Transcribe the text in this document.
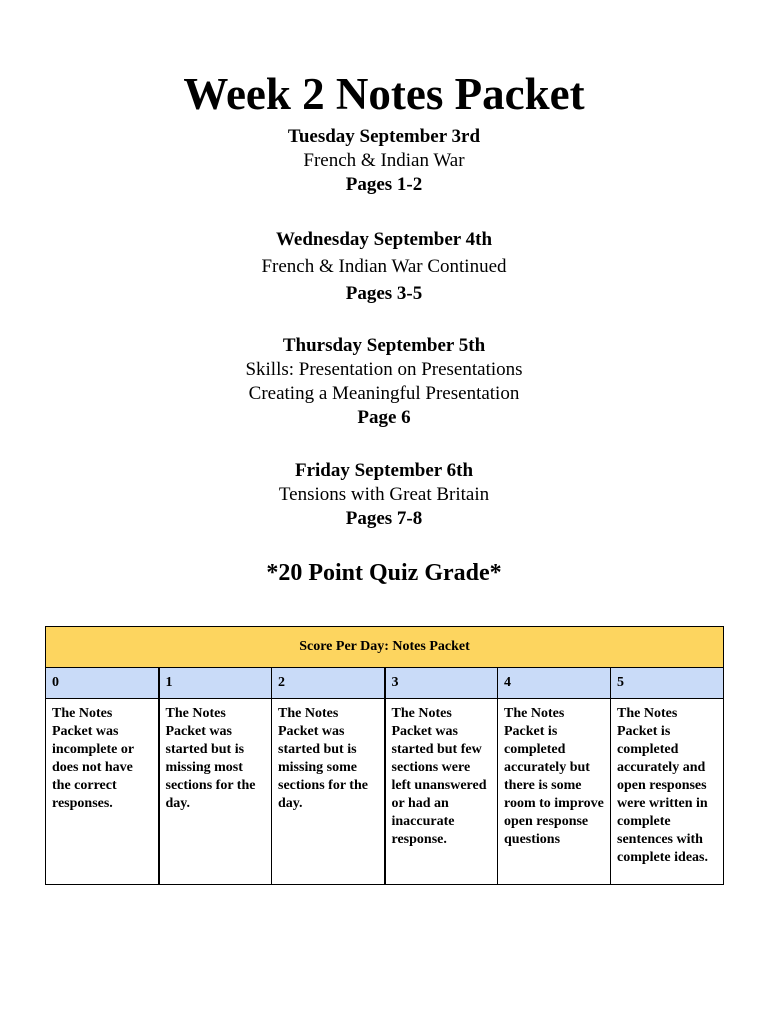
Week 2 Notes Packet
Tuesday September 3rd
French & Indian War
Pages 1-2
Wednesday September 4th
French & Indian War Continued
Pages 3-5
Thursday September 5th
Skills: Presentation on Presentations
Creating a Meaningful Presentation
Page 6
Friday September 6th
Tensions with Great Britain
Pages 7-8
*20 Point Quiz Grade*
Score Per Day: Notes Packet					
0	1	2	3	4	5
The Notes Packet was incomplete or does not have the correct responses.	The Notes Packet was started but is missing most sections for the day.	The Notes Packet was started but is missing some sections for the day.	The Notes Packet was started but few sections were left unanswered or had an inaccurate response.	The Notes Packet is completed accurately but there is some room to improve open response questions	The Notes Packet is completed accurately and open responses were written in complete sentences with complete ideas.
